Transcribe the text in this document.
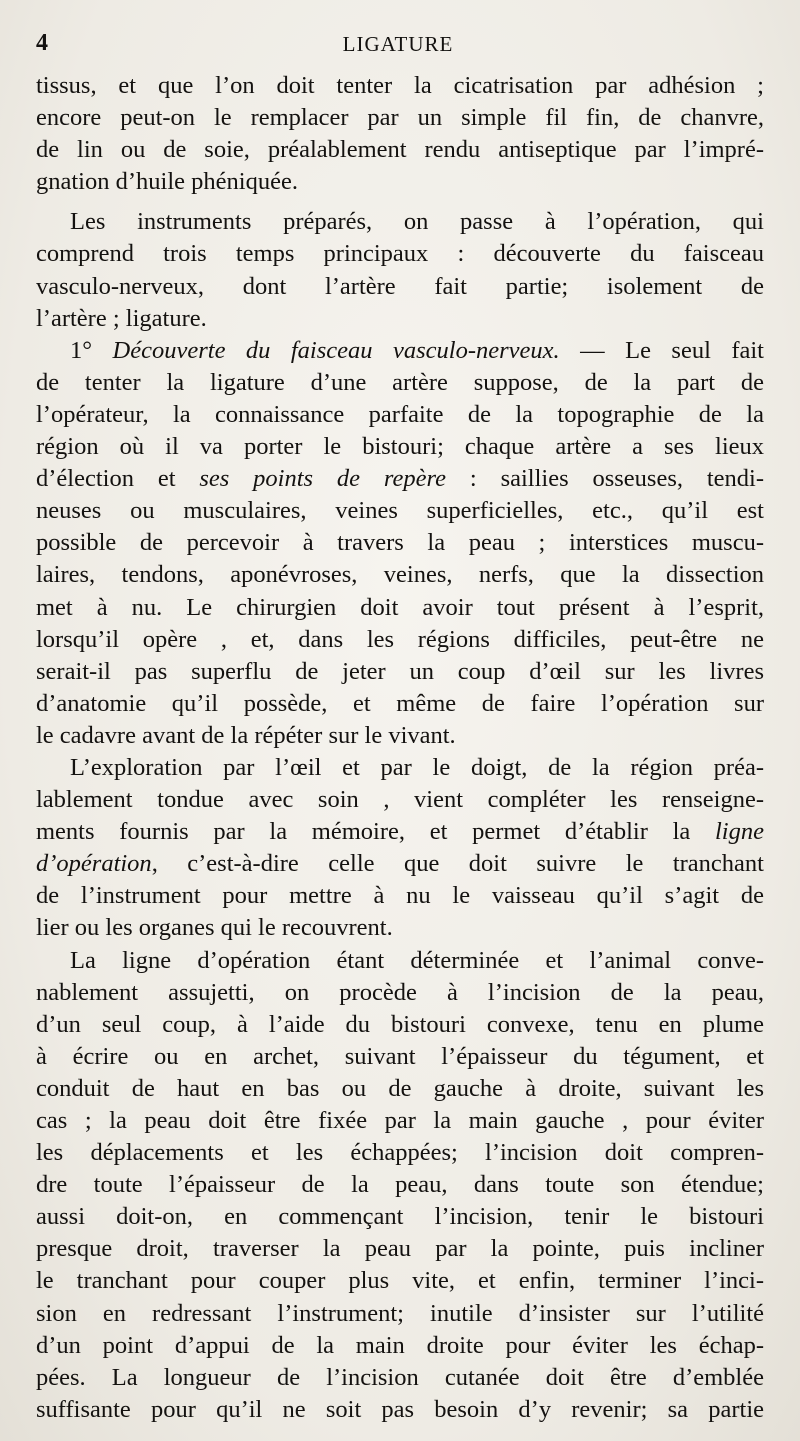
4	LIGATURE
tissus, et que l’on doit tenter la cicatrisation par adhésion ;
encore peut-on le remplacer par un simple fil fin, de chanvre,
de lin ou de soie, préalablement rendu antiseptique par l’impré-
gnation d’huile phéniquée.
Les instruments préparés, on passe à l’opération, qui
comprend trois temps principaux : découverte du faisceau
vasculo-nerveux, dont l’artère fait partie; isolement de
l’artère ; ligature.
1° Découverte du faisceau vasculo-nerveux. — Le seul fait
de tenter la ligature d’une artère suppose, de la part de
l’opérateur, la connaissance parfaite de la topographie de la
région où il va porter le bistouri; chaque artère a ses lieux
d’élection et ses points de repère : saillies osseuses, tendi-
neuses ou musculaires, veines superficielles, etc., qu’il est
possible de percevoir à travers la peau ; interstices muscu-
laires, tendons, aponévroses, veines, nerfs, que la dissection
met à nu. Le chirurgien doit avoir tout présent à l’esprit,
lorsqu’il opère , et, dans les régions difficiles, peut-être ne
serait-il pas superflu de jeter un coup d’œil sur les livres
d’anatomie qu’il possède, et même de faire l’opération sur
le cadavre avant de la répéter sur le vivant.
L’exploration par l’œil et par le doigt, de la région préa-
lablement tondue avec soin , vient compléter les renseigne-
ments fournis par la mémoire, et permet d’établir la ligne
d’opération, c’est-à-dire celle que doit suivre le tranchant
de l’instrument pour mettre à nu le vaisseau qu’il s’agit de
lier ou les organes qui le recouvrent.
La ligne d’opération étant déterminée et l’animal conve-
nablement assujetti, on procède à l’incision de la peau,
d’un seul coup, à l’aide du bistouri convexe, tenu en plume
à écrire ou en archet, suivant l’épaisseur du tégument, et
conduit de haut en bas ou de gauche à droite, suivant les
cas ; la peau doit être fixée par la main gauche , pour éviter
les déplacements et les échappées; l’incision doit compren-
dre toute l’épaisseur de la peau, dans toute son étendue;
aussi doit-on, en commençant l’incision, tenir le bistouri
presque droit, traverser la peau par la pointe, puis incliner
le tranchant pour couper plus vite, et enfin, terminer l’inci-
sion en redressant l’instrument; inutile d’insister sur l’utilité
d’un point d’appui de la main droite pour éviter les échap-
pées. La longueur de l’incision cutanée doit être d’emblée
suffisante pour qu’il ne soit pas besoin d’y revenir; sa partie
